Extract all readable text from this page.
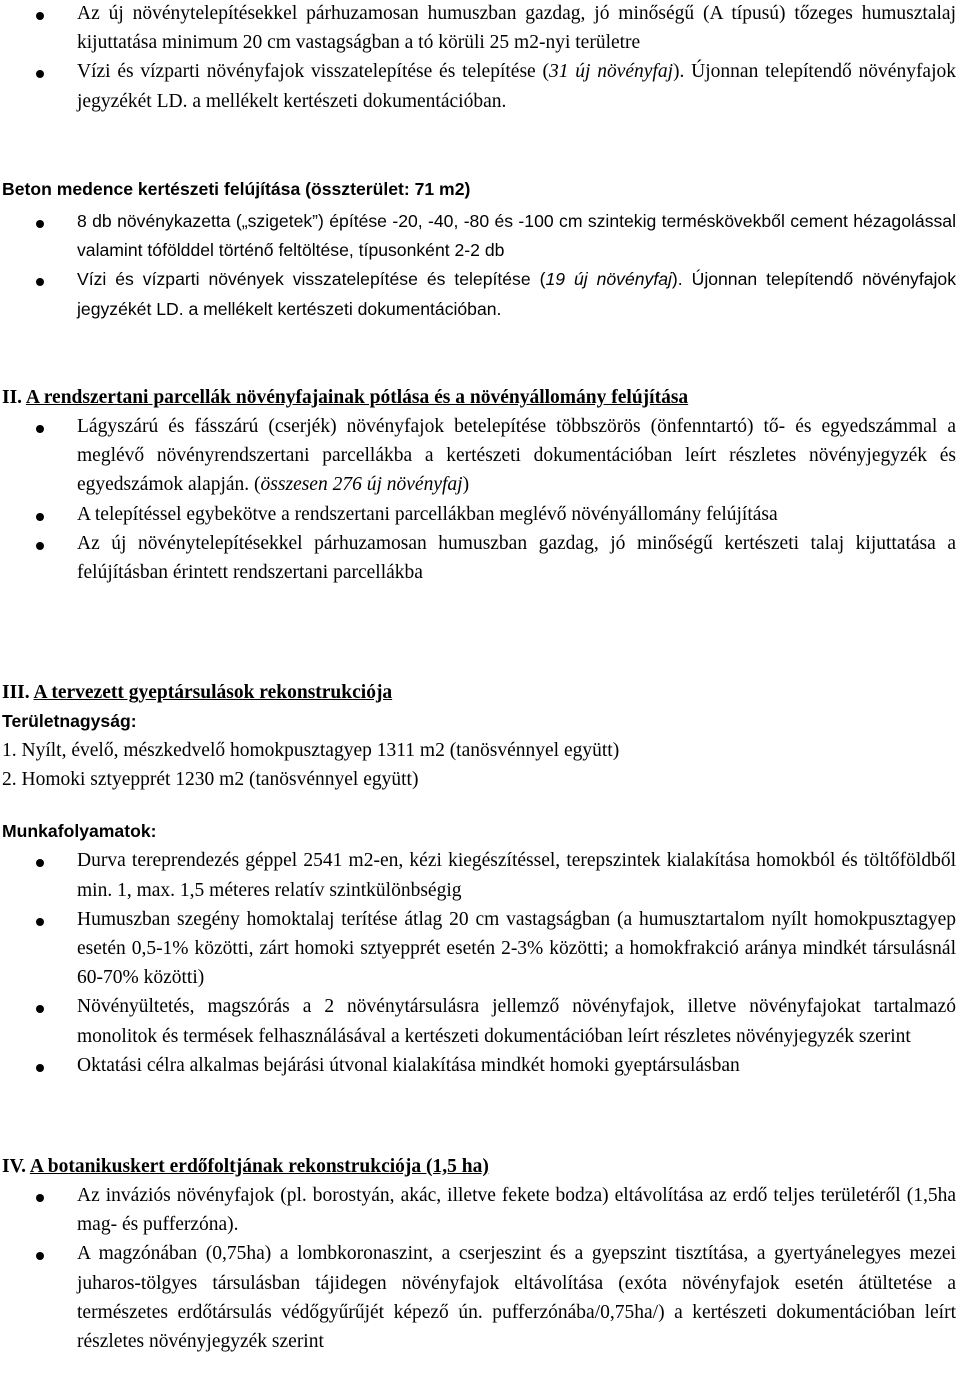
Az új növénytelepítésekkel párhuzamosan humuszban gazdag, jó minőségű (A típusú) tőzeges humusztalaj kijuttatása minimum 20 cm vastagságban a tó körüli 25 m2-nyi területre
Vízi és vízparti növényfajok visszatelepítése és telepítése (31 új növényfaj). Újonnan telepítendő növényfajok jegyzékét LD. a mellékelt kertészeti dokumentációban.
Beton medence kertészeti felújítása (összterület: 71 m2)
8 db növénykazetta („szigetek”) építése -20, -40, -80 és -100 cm szintekig terméskövekből cement hézagolással valamint tófölddel történő feltöltése, típusonként 2-2 db
Vízi és vízparti növények visszatelepítése és telepítése (19 új növényfaj). Újonnan telepítendő növényfajok jegyzékét LD. a mellékelt kertészeti dokumentációban.
II. A rendszertani parcellák növényfajainak pótlása és a növényállomány felújítása
Lágyszárú és fásszárú (cserjék) növényfajok betelepítése többszörös (önfenntartó) tő- és egyedszámmal a meglévő növényrendszertani parcellákba a kertészeti dokumentációban leírt részletes növényjegyzék és egyedszámok alapján. (összesen 276 új növényfaj)
A telepítéssel egybekötve a rendszertani parcellákban meglévő növényállomány felújítása
Az új növénytelepítésekkel párhuzamosan humuszban gazdag, jó minőségű kertészeti talaj kijuttatása a felújításban érintett rendszertani parcellákba
III. A tervezett gyeptársulások rekonstrukciója
Területnagyság:
1. Nyílt, évelő, mészkedvelő homokpusztagyep 1311 m2 (tanösvénnyel együtt)
2. Homoki sztyepprét 1230 m2 (tanösvénnyel együtt)
Munkafolyamatok:
Durva tereprendezés géppel 2541 m2-en, kézi kiegészítéssel, terepszintek kialakítása homokból és töltőföldből min. 1, max. 1,5 méteres relatív szintkülönbségig
Humuszban szegény homoktalaj terítése átlag 20 cm vastagságban (a humusztartalom nyílt homokpusztagyep esetén 0,5-1% közötti, zárt homoki sztyepprét esetén 2-3% közötti; a homokfrakció aránya mindkét társulásnál 60-70% közötti)
Növényültetés, magszórás a 2 növénytársulásra jellemző növényfajok, illetve növényfajokat tartalmazó monolitok és termések felhasználásával a kertészeti dokumentációban leírt részletes növényjegyzék szerint
Oktatási célra alkalmas bejárási útvonal kialakítása mindkét homoki gyeptársulásban
IV. A botanikuskert erdőfoltjának rekonstrukciója (1,5 ha)
Az inváziós növényfajok (pl. borostyán, akác, illetve fekete bodza) eltávolítása az erdő teljes területéről (1,5ha mag- és pufferzóna).
A magzónában (0,75ha) a lombkoronaszint, a cserjeszint és a gyepszint tisztítása, a gyertyánelegyes mezei juharos-tölgyes társulásban tájidegen növényfajok eltávolítása (exóta növényfajok esetén átültetése a természetes erdőtársulás védőgyűrűjét képező ún. pufferzónába/0,75ha/) a kertészeti dokumentációban leírt részletes növényjegyzék szerint
